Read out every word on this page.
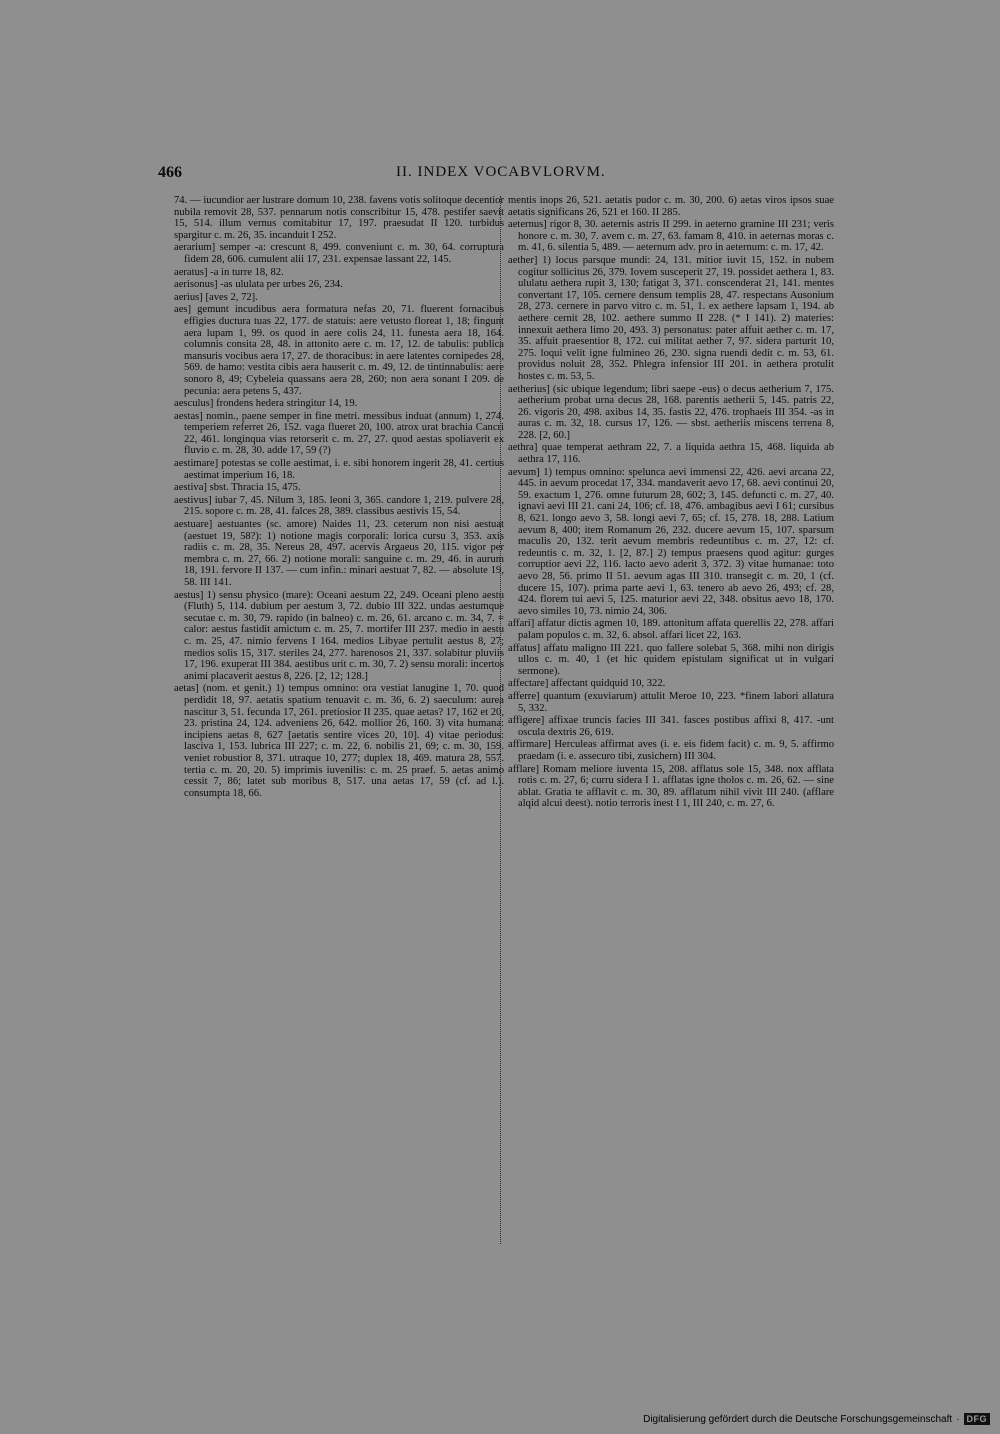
466	II. INDEX VOCABVLORVM.

74. — iucundior aer lustrare domum 10, 238. favens votis solitoque decentior nubila removit 28, 537. pennarum notis conscribitur 15, 478. pestifer saevit 15, 514. illum vernus comitabitur 17, 197. praesudat II 120. turbidus spargitur c. m. 26, 35. incanduit I 252.

aerarium] semper -a: crescunt 8, 499. conveniunt c. m. 30, 64. corruptura fidem 28, 606. cumulent alii 17, 231. expensae lassant 22, 145.

aeratus] -a in turre 18, 82.

aerisonus] -as ululata per urbes 26, 234.

aerius] [aves 2, 72].

aes] gemunt incudibus aera formatura nefas 20, 71. fluerent fornacibus effigies ductura tuas 22, 177. de statuis: aere vetusto floreat 1, 18; fingunt aera lupam 1, 99. os quod in aere colis 24, 11. funesta aera 18, 164. columnis consita 28, 48. in attonito aere c. m. 17, 12. de tabulis: publica mansuris vocibus aera 17, 27. de thoracibus: in aere latentes cornipedes 28, 569. de hamo: vestita cibis aera hauserit c. m. 49, 12. de tintinnabulis: aere sonoro 8, 49; Cybeleia quassans aera 28, 260; non aera sonant I 209. de pecunia: aera petens 5, 437.

aesculus] frondens hedera stringitur 14, 19.

aestas] nomin., paene semper in fine metri. messibus induat (annum) 1, 274. temperiem referret 26, 152. vaga flueret 20, 100. atrox urat brachia Cancri 22, 461. longinqua vias retorserit c. m. 27, 27. quod aestas spoliaverit ex fluvio c. m. 28, 30. adde 17, 59 (?)

aestimare] potestas se colle aestimat, i. e. sibi honorem ingerit 28, 41. certius aestimat imperium 16, 18.

aestiva] sbst. Thracia 15, 475.

aestivus] iubar 7, 45. Nilum 3, 185. leoni 3, 365. candore 1, 219. pulvere 28, 215. sopore c. m. 28, 41. falces 28, 389. classibus aestivis 15, 54.

aestuare] aestuantes (sc. amore) Naides 11, 23. ceterum non nisi aestuat (aestuet 19, 58?): 1) notione magis corporali: lorica cursu 3, 353. axis radiis c. m. 28, 35. Nereus 28, 497. acervis Argaeus 20, 115. vigor per membra c. m. 27, 66. 2) notione morali: sanguine c. m. 29, 46. in aurum 18, 191. fervore II 137. — cum infin.: minari aestuat 7, 82. — absolute 19, 58. III 141.

aestus] 1) sensu physico (mare): Oceani aestum 22, 249. Oceani pleno aestu (Fluth) 5, 114. dubium per aestum 3, 72. dubio III 322. undas aestumque secutae c. m. 30, 79. rapido (in balneo) c. m. 26, 61. arcano c. m. 34, 7. = calor: aestus fastidit amictum c. m. 25, 7. mortifer III 237. medio in aestu c. m. 25, 47. nimio fervens I 164. medios Libyae pertulit aestus 8, 27; medios solis 15, 317. steriles 24, 277. harenosos 21, 337. solabitur pluviis 17, 196. exuperat III 384. aestibus urit c. m. 30, 7. 2) sensu morali: incertos animi placaverit aestus 8, 226. [2, 12; 128.]

aetas] (nom. et genit.) 1) tempus omnino: ora vestiat lanugine 1, 70. quod perdidit 18, 97. aetatis spatium tenuavit c. m. 36, 6. 2) saeculum: aurea nascitur 3, 51. fecunda 17, 261. pretiosior II 235. quae aetas? 17, 162 et 20, 23. pristina 24, 124. adveniens 26, 642. mollior 26, 160. 3) vita humana: incipiens aetas 8, 627 [aetatis sentire vices 20, 10]. 4) vitae periodus: lasciva 1, 153. lubrica III 227; c. m. 22, 6. nobilis 21, 69; c. m. 30, 159. veniet robustior 8, 371. utraque 10, 277; duplex 18, 469. matura 28, 557. tertia c. m. 20, 20. 5) imprimis iuvenilis: c. m. 25 praef. 5. aetas animo cessit 7, 86; latet sub moribus 8, 517. una aetas 17, 59 (cf. ad l.). consumpta 18, 66.

mentis inops 26, 521. aetatis pudor c. m. 30, 200. 6) aetas viros ipsos suae aetatis significans 26, 521 et 160. II 285.

aeternus] rigor 8, 30. aeternis astris II 299. in aeterno gramine III 231; veris honore c. m. 30, 7. avem c. m. 27, 63. famam 8, 410. in aeternas moras c. m. 41, 6. silentia 5, 489. — aeternum adv. pro in aeternum: c. m. 17, 42.

aether] 1) locus parsque mundi: 24, 131. mitior iuvit 15, 152. in nubem cogitur sollicitus 26, 379. Iovem susceperit 27, 19. possidet aethera 1, 83. ululatu aethera rupit 3, 130; fatigat 3, 371. conscenderat 21, 141. mentes convertant 17, 105. cernere densum templis 28, 47. respectans Ausonium 28, 273. cernere in parvo vitro c. m. 51, 1. ex aethere lapsam 1, 194. ab aethere cernit 28, 102. aethere summo II 228. (* I 141). 2) materies: innexuit aethera limo 20, 493. 3) personatus: pater affuit aether c. m. 17, 35. affuit praesentior 8, 172. cui militat aether 7, 97. sidera parturit 10, 275. loqui velit igne fulmineo 26, 230. signa ruendi dedit c. m. 53, 61. providus noluit 28, 352. Phlegra infensior III 201. in aethera protulit hostes c. m. 53, 5.

aetherius] (sic ubique legendum; libri saepe -eus) o decus aetherium 7, 175. aetherium probat urna decus 28, 168. parentis aetherii 5, 145. patris 22, 26. vigoris 20, 498. axibus 14, 35. fastis 22, 476. trophaeis III 354. -as in auras c. m. 32, 18. cursus 17, 126. — sbst. aetheriis miscens terrena 8, 228. [2, 60.]

aethra] quae temperat aethram 22, 7. a liquida aethra 15, 468. liquida ab aethra 17, 116.

aevum] 1) tempus omnino: spelunca aevi immensi 22, 426. aevi arcana 22, 445. in aevum procedat 17, 334. mandaverit aevo 17, 68. aevi continui 20, 59. exactum 1, 276. omne futurum 28, 602; 3, 145. defuncti c. m. 27, 40. ignavi aevi III 21. cani 24, 106; cf. 18, 476. ambagibus aevi I 61; cursibus 8, 621. longo aevo 3, 58. longi aevi 7, 65; cf. 15, 278. 18, 288. Latium aevum 8, 400; item Romanum 26, 232. ducere aevum 15, 107. sparsum maculis 20, 132. terit aevum membris redeuntibus c. m. 27, 12: cf. redeuntis c. m. 32, 1. [2, 87.] 2) tempus praesens quod agitur: gurges corruptior aevi 22, 116. lacto aevo aderit 3, 372. 3) vitae humanae: toto aevo 28, 56. primo II 51. aevum agas III 310. transegit c. m. 20, 1 (cf. ducere 15, 107). prima parte aevi 1, 63. tenero ab aevo 26, 493; cf. 28, 424. florem tui aevi 5, 125. maturior aevi 22, 348. obsitus aevo 18, 170. aevo similes 10, 73. nimio 24, 306.

affari] affatur dictis agmen 10, 189. attonitum affata querellis 22, 278. affari palam populos c. m. 32, 6. absol. affari licet 22, 163.

affatus] affatu maligno III 221. quo fallere solebat 5, 368. mihi non dirigis ullos c. m. 40, 1 (et hic quidem epistulam significat ut in vulgari sermone).

affectare] affectant quidquid 10, 322.

afferre] quantum (exuviarum) attulit Meroe 10, 223. *finem labori allatura 5, 332.

affigere] affixae truncis facies III 341. fasces postibus affixi 8, 417. -unt oscula dextris 26, 619.

affirmare] Herculeas affirmat aves (i. e. eis fidem facit) c. m. 9, 5. affirmo praedam (i. e. assecuro tibi, zusichern) III 304.

afflare] Romam meliore iuventa 15, 208. afflatus sole 15, 348. nox afflata rotis c. m. 27, 6; curru sidera I 1. afflatas igne tholos c. m. 26, 62. — sine ablat. Gratia te afflavit c. m. 30, 89. afflatum nihil vivit III 240. (afflare alqid alcui deest). notio terroris inest I 1, III 240, c. m. 27, 6.

Digitalisierung gefördert durch die Deutsche Forschungsgemeinschaft · DFG
